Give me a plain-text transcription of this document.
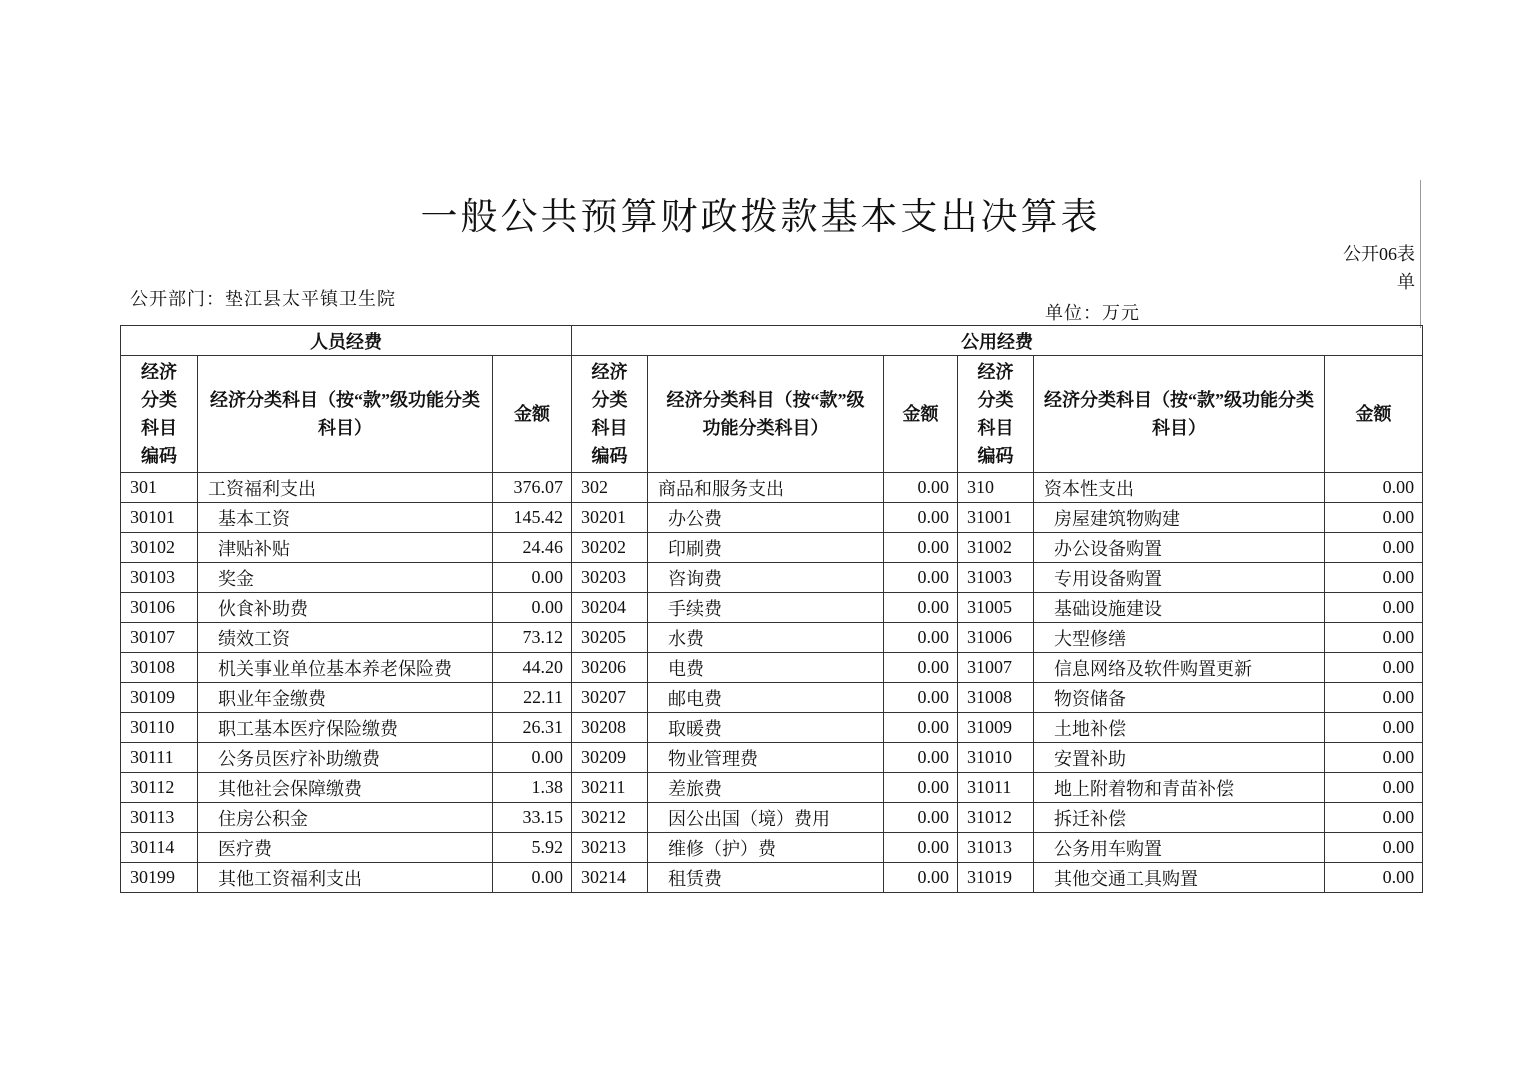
一般公共预算财政拨款基本支出决算表
公开06表
单
公开部门：垫江县太平镇卫生院
单位：万元
人员经费			公用经费					
经济分类科目编码	经济分类科目（按“款”级功能分类科目）	金额	经济分类科目编码	经济分类科目（按“款”级功能分类科目）	金额	经济分类科目编码	经济分类科目（按“款”级功能分类科目）	金额
301	工资福利支出	376.07	302	商品和服务支出	0.00	310	资本性支出	0.00
30101	基本工资	145.42	30201	办公费	0.00	31001	房屋建筑物购建	0.00
30102	津贴补贴	24.46	30202	印刷费	0.00	31002	办公设备购置	0.00
30103	奖金	0.00	30203	咨询费	0.00	31003	专用设备购置	0.00
30106	伙食补助费	0.00	30204	手续费	0.00	31005	基础设施建设	0.00
30107	绩效工资	73.12	30205	水费	0.00	31006	大型修缮	0.00
30108	机关事业单位基本养老保险费	44.20	30206	电费	0.00	31007	信息网络及软件购置更新	0.00
30109	职业年金缴费	22.11	30207	邮电费	0.00	31008	物资储备	0.00
30110	职工基本医疗保险缴费	26.31	30208	取暖费	0.00	31009	土地补偿	0.00
30111	公务员医疗补助缴费	0.00	30209	物业管理费	0.00	31010	安置补助	0.00
30112	其他社会保障缴费	1.38	30211	差旅费	0.00	31011	地上附着物和青苗补偿	0.00
30113	住房公积金	33.15	30212	因公出国（境）费用	0.00	31012	拆迁补偿	0.00
30114	医疗费	5.92	30213	维修（护）费	0.00	31013	公务用车购置	0.00
30199	其他工资福利支出	0.00	30214	租赁费	0.00	31019	其他交通工具购置	0.00
